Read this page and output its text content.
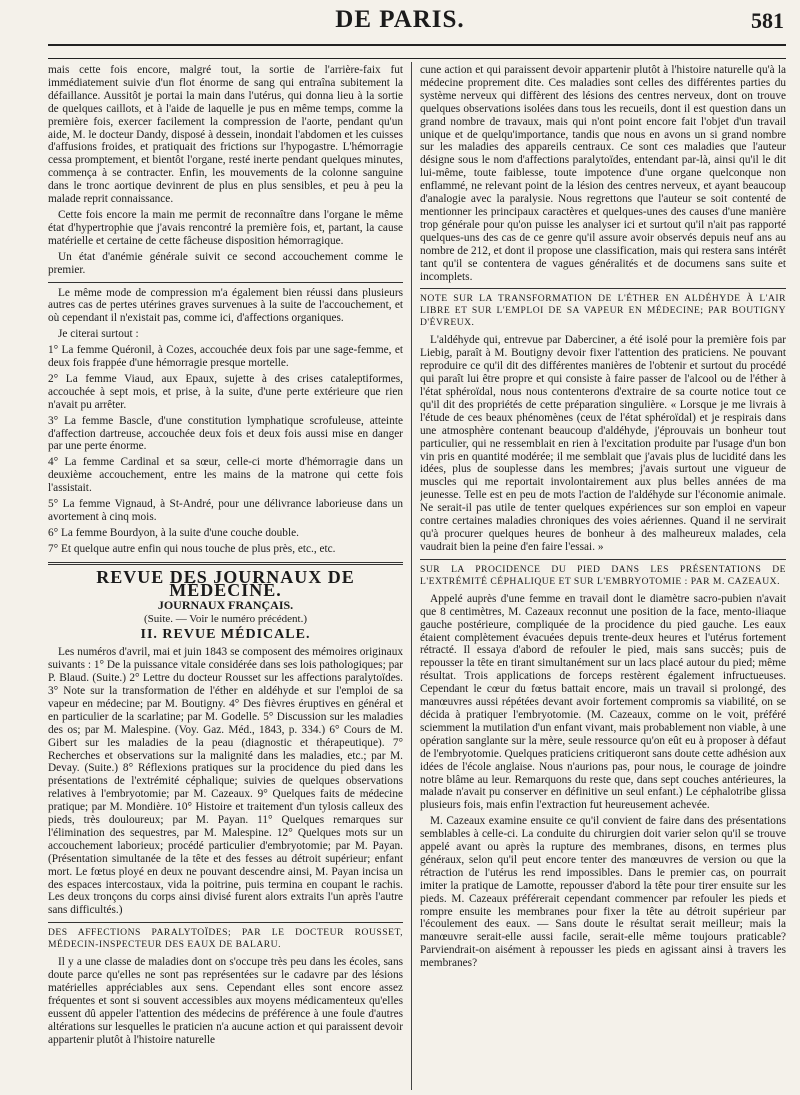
DE PARIS.	581

mais cette fois encore, malgré tout, la sortie de l'arrière-faix fut immédiatement suivie d'un flot énorme de sang qui entraîna subitement la défaillance. Aussitôt je portai la main dans l'utérus, qui donna lieu à la sortie de quelques caillots, et à l'aide de laquelle je pus en même temps, comme la première fois, exercer facilement la compression de l'aorte, pendant qu'un aide, M. le docteur Dandy, disposé à dessein, inondait l'abdomen et les cuisses d'affusions froides, et pratiquait des frictions sur l'hypogastre. L'hémorragie cessa promptement, et bientôt l'organe, resté inerte pendant quelques minutes, commença à se contracter. Enfin, les mouvements de la colonne sanguine dans le tronc aortique devinrent de plus en plus sensibles, et peu à peu la malade reprit connaissance.

Cette fois encore la main me permit de reconnaître dans l'organe le même état d'hypertrophie que j'avais rencontré la première fois, et, partant, la cause matérielle et certaine de cette fâcheuse disposition hémorragique.

Un état d'anémie générale suivit ce second accouchement comme le premier.

Le même mode de compression m'a également bien réussi dans plusieurs autres cas de pertes utérines graves survenues à la suite de l'accouchement, et où cependant il n'existait pas, comme ici, d'affections organiques.

Je citerai surtout :

1° La femme Quéronil, à Cozes, accouchée deux fois par une sage-femme, et deux fois frappée d'une hémorragie presque mortelle.

2° La femme Viaud, aux Epaux, sujette à des crises cataleptiformes, accouchée à sept mois, et prise, à la suite, d'une perte extérieure que rien n'avait pu arrêter.

3° La femme Bascle, d'une constitution lymphatique scrofuleuse, atteinte d'affection dartreuse, accouchée deux fois et deux fois aussi mise en danger par une perte énorme.

4° La femme Cardinal et sa sœur, celle-ci morte d'hémorragie dans un deuxième accouchement, entre les mains de la matrone qui cette fois l'assistait.

5° La femme Vignaud, à St-André, pour une délivrance laborieuse dans un avortement à cinq mois.

6° La femme Bourdyon, à la suite d'une couche double.

7° Et quelque autre enfin qui nous touche de plus près, etc., etc.

REVUE DES JOURNAUX DE MÉDECINE.
JOURNAUX FRANÇAIS.
(Suite. — Voir le numéro précédent.)
II. REVUE MÉDICALE.

Les numéros d'avril, mai et juin 1843 se composent des mémoires originaux suivants : 1° De la puissance vitale considérée dans ses lois pathologiques; par P. Blaud. (Suite.) 2° Lettre du docteur Rousset sur les affections paralytoïdes. 3° Note sur la transformation de l'éther en aldéhyde et sur l'emploi de sa vapeur en médecine; par M. Boutigny. 4° Des fièvres éruptives en général et en particulier de la scarlatine; par M. Godelle. 5° Discussion sur les maladies des os; par M. Malespine. (Voy. Gaz. Méd., 1843, p. 334.) 6° Cours de M. Gibert sur les maladies de la peau (diagnostic et thérapeutique). 7° Recherches et observations sur la malignité dans les maladies, etc.; par M. Devay. (Suite.) 8° Réflexions pratiques sur la procidence du pied dans les présentations de l'extrémité céphalique; suivies de quelques observations relatives à l'embryotomie; par M. Cazeaux. 9° Quelques faits de médecine pratique; par M. Mondière. 10° Histoire et traitement d'un tylosis calleux des pieds, très douloureux; par M. Payan. 11° Quelques remarques sur l'élimination des sequestres, par M. Malespine. 12° Quelques mots sur un accouchement laborieux; procédé particulier d'embryotomie; par M. Payan. (Présentation simultanée de la tête et des fesses au détroit supérieur; enfant mort. Le fœtus ployé en deux ne pouvant descendre ainsi, M. Payan incisa un des espaces intercostaux, vida la poitrine, puis termina en coupant le rachis. Les deux tronçons du corps ainsi divisé furent alors extraits l'un après l'autre sans difficultés.)

DES AFFECTIONS PARALYTOÏDES; PAR LE DOCTEUR ROUSSET, MÉDECIN-INSPECTEUR DES EAUX DE BALARU.

Il y a une classe de maladies dont on s'occupe très peu dans les écoles, sans doute parce qu'elles ne sont pas représentées sur le cadavre par des lésions matérielles appréciables aux sens. Cependant elles sont encore assez fréquentes et sont si souvent accessibles aux moyens médicamenteux qu'elles eussent dû appeler l'attention des médecins de préférence à une foule d'autres altérations sur lesquelles le praticien n'a aucune action et qui paraissent devoir appartenir plutôt à l'histoire naturelle

cune action et qui paraissent devoir appartenir plutôt à l'histoire naturelle qu'à la médecine proprement dite. Ces maladies sont celles des différentes parties du système nerveux qui diffèrent des lésions des centres nerveux, dont on trouve quelques observations isolées dans tous les recueils, dont il est question dans un grand nombre de travaux, mais qui n'ont point encore fait l'objet d'un travail unique et de quelqu'importance, tandis que nous en avons un si grand nombre sur les maladies des appareils centraux. Ce sont ces maladies que l'auteur désigne sous le nom d'affections paralytoïdes, entendant par-là, ainsi qu'il le dit lui-même, toute faiblesse, toute impotence d'une organe quelconque non enflammé, ne relevant point de la lésion des centres nerveux, et ayant beaucoup d'analogie avec la paralysie. Nous regrettons que l'auteur se soit contenté de mentionner les principaux caractères et quelques-unes des causes d'une manière trop générale pour qu'on puisse les analyser ici et surtout qu'il n'ait pas rapporté quelques-uns des cas de ce genre qu'il assure avoir observés depuis neuf ans au nombre de 212, et dont il propose une classification, mais qui restera sans intérêt tant qu'il se contentera de vagues généralités et de documens sans suite et incomplets.

NOTE SUR LA TRANSFORMATION DE L'ÉTHER EN ALDÉHYDE À L'AIR LIBRE ET SUR L'EMPLOI DE SA VAPEUR EN MÉDECINE; PAR BOUTIGNY D'ÉVREUX.

L'aldéhyde qui, entrevue par Daberciner, a été isolé pour la première fois par Liebig, paraît à M. Boutigny devoir fixer l'attention des praticiens. Ne pouvant reproduire ce qu'il dit des différentes manières de l'obtenir et surtout du procédé qui paraît lui être propre et qui consiste à faire passer de l'alcool ou de l'éther à l'état sphéroïdal, nous nous contenterons d'extraire de sa courte notice tout ce qu'il dit des propriétés de cette préparation singulière. « Lorsque je me livrais à l'étude de ces beaux phénomènes (ceux de l'état sphéroïdal) et je respirais dans une atmosphère contenant beaucoup d'aldéhyde, j'éprouvais un bonheur tout particulier, qui ne ressemblait en rien à l'excitation produite par l'usage d'un bon vin pris en quantité modérée; il me semblait que j'avais plus de lucidité dans les idées, plus de souplesse dans les membres; j'avais surtout une vigueur de muscles qui me reportait involontairement aux plus belles années de ma jeunesse. Telle est en peu de mots l'action de l'aldéhyde sur l'économie animale. Ne serait-il pas utile de tenter quelques expériences sur son emploi en vapeur contre certaines maladies chroniques des voies aériennes. Quand il ne servirait qu'à procurer quelques heures de bonheur à des malheureux malades, cela vaudrait bien la peine d'en faire l'essai. »

SUR LA PROCIDENCE DU PIED DANS LES PRÉSENTATIONS DE L'EXTRÉMITÉ CÉPHALIQUE ET SUR L'EMBRYOTOMIE : PAR M. CAZEAUX.

Appelé auprès d'une femme en travail dont le diamètre sacro-pubien n'avait que 8 centimètres, M. Cazeaux reconnut une position de la face, mento-iliaque gauche postérieure, compliquée de la procidence du pied gauche. Les eaux étaient complètement évacuées depuis trente-deux heures et l'utérus fortement rétracté. Il essaya d'abord de refouler le pied, mais sans succès; puis de repousser la tête en tirant simultanément sur un lacs placé autour du pied; même résultat. Trois applications de forceps restèrent également infructueuses. Cependant le cœur du fœtus battait encore, mais un travail si prolongé, des manœuvres aussi répétées devant avoir fortement compromis sa viabilité, on se décida à pratiquer l'embryotomie. (M. Cazeaux, comme on le voit, préféré sciemment la mutilation d'un enfant vivant, mais probablement non viable, à une opération sanglante sur la mère, seule ressource qu'on eût eu à proposer à défaut de l'embryotomie. Quelques praticiens critiqueront sans doute cette adhésion aux idées de l'école anglaise. Nous n'aurions pas, pour nous, le courage de joindre notre blâme au leur. Remarquons du reste que, dans sept couches antérieures, la malade n'avait pu conserver en définitive un seul enfant.) Le céphalotribe glissa plusieurs fois, mais enfin l'extraction fut heureusement achevée.

M. Cazeaux examine ensuite ce qu'il convient de faire dans des présentations semblables à celle-ci. La conduite du chirurgien doit varier selon qu'il se trouve appelé avant ou après la rupture des membranes, disons, en termes plus généraux, selon qu'il peut encore tenter des manœuvres de version ou que la rétraction de l'utérus les rend impossibles. Dans le premier cas, on pourrait imiter la pratique de Lamotte, repousser d'abord la tête pour tirer ensuite sur les pieds. M. Cazeaux préférerait cependant commencer par refouler les pieds et rompre ensuite les membranes pour fixer la tête au détroit supérieur par l'écoulement des eaux. — Sans doute le résultat serait meilleur; mais la manœuvre serait-elle aussi facile, serait-elle même toujours praticable? Parviendrait-on aisément à repousser les pieds en agissant ainsi à travers les membranes?
